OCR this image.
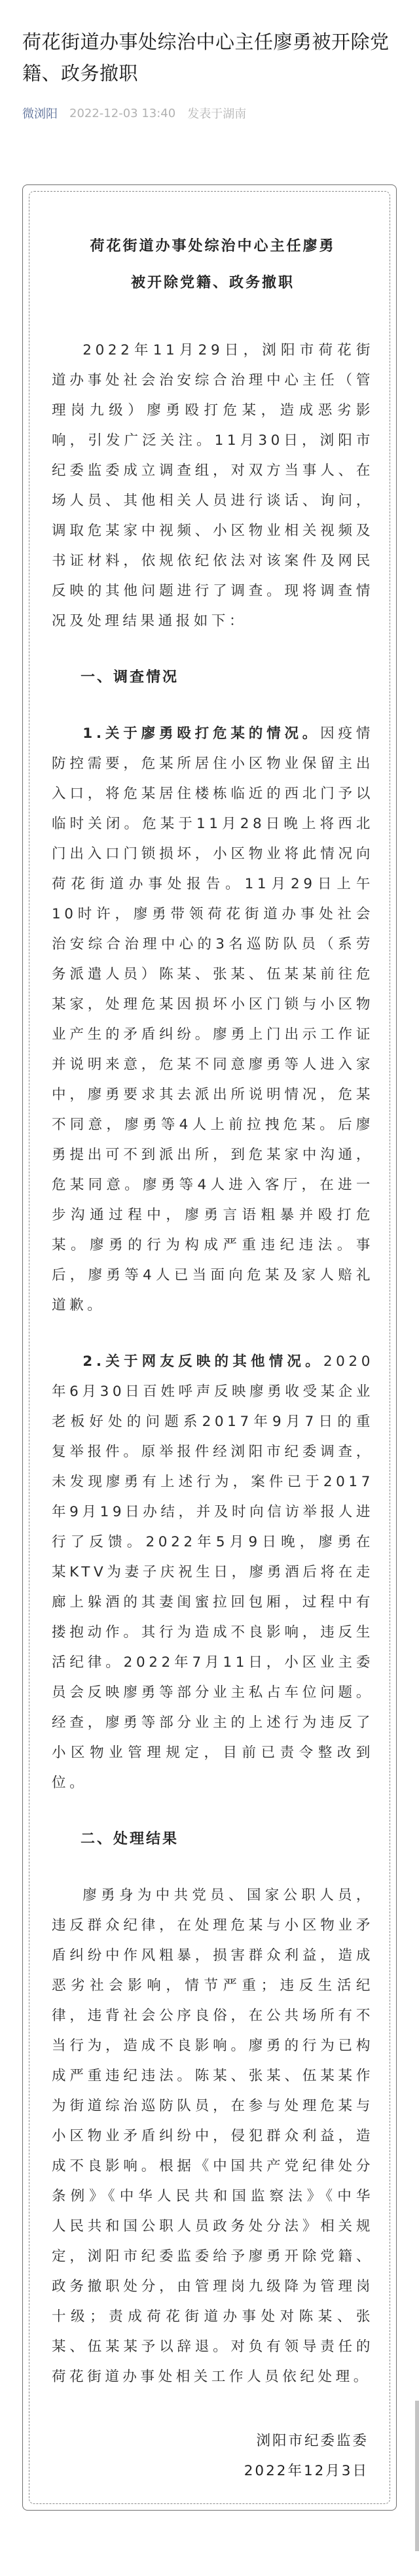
荷花街道办事处综治中心主任廖勇被开除党籍、政务撤职
微浏阳 2022-12-03 13:40 发表于湖南
荷花街道办事处综治中心主任廖勇
被开除党籍、政务撤职

2022年11月29日，浏阳市荷花街道办事处社会治安综合治理中心主任（管理岗九级）廖勇殴打危某，造成恶劣影响，引发广泛关注。11月30日，浏阳市纪委监委成立调查组，对双方当事人、在场人员、其他相关人员进行谈话、询问，调取危某家中视频、小区物业相关视频及书证材料，依规依纪依法对该案件及网民反映的其他问题进行了调查。现将调查情况及处理结果通报如下：

一、调查情况

1.关于廖勇殴打危某的情况。因疫情防控需要，危某所居住小区物业保留主出入口，将危某居住楼栋临近的西北门予以临时关闭。危某于11月28日晚上将西北门出入口门锁损坏，小区物业将此情况向荷花街道办事处报告。11月29日上午10时许，廖勇带领荷花街道办事处社会治安综合治理中心的3名巡防队员（系劳务派遣人员）陈某、张某、伍某某前往危某家，处理危某因损坏小区门锁与小区物业产生的矛盾纠纷。廖勇上门出示工作证并说明来意，危某不同意廖勇等人进入家中，廖勇要求其去派出所说明情况，危某不同意，廖勇等4人上前拉拽危某。后廖勇提出可不到派出所，到危某家中沟通，危某同意。廖勇等4人进入客厅，在进一步沟通过程中，廖勇言语粗暴并殴打危某。廖勇的行为构成严重违纪违法。事后，廖勇等4人已当面向危某及家人赔礼道歉。

2.关于网友反映的其他情况。2020年6月30日百姓呼声反映廖勇收受某企业老板好处的问题系2017年9月7日的重复举报件。原举报件经浏阳市纪委调查，未发现廖勇有上述行为，案件已于2017年9月19日办结，并及时向信访举报人进行了反馈。2022年5月9日晚，廖勇在某KTV为妻子庆祝生日，廖勇酒后将在走廊上躲酒的其妻闺蜜拉回包厢，过程中有搂抱动作。其行为造成不良影响，违反生活纪律。2022年7月11日，小区业主委员会反映廖勇等部分业主私占车位问题。经查，廖勇等部分业主的上述行为违反了小区物业管理规定，目前已责令整改到位。

二、处理结果

廖勇身为中共党员、国家公职人员，违反群众纪律，在处理危某与小区物业矛盾纠纷中作风粗暴，损害群众利益，造成恶劣社会影响，情节严重；违反生活纪律，违背社会公序良俗，在公共场所有不当行为，造成不良影响。廖勇的行为已构成严重违纪违法。陈某、张某、伍某某作为街道综治巡防队员，在参与处理危某与小区物业矛盾纠纷中，侵犯群众利益，造成不良影响。根据《中国共产党纪律处分条例》《中华人民共和国监察法》《中华人民共和国公职人员政务处分法》相关规定，浏阳市纪委监委给予廖勇开除党籍、政务撤职处分，由管理岗九级降为管理岗十级；责成荷花街道办事处对陈某、张某、伍某某予以辞退。对负有领导责任的荷花街道办事处相关工作人员依纪处理。

浏阳市纪委监委
2022年12月3日
